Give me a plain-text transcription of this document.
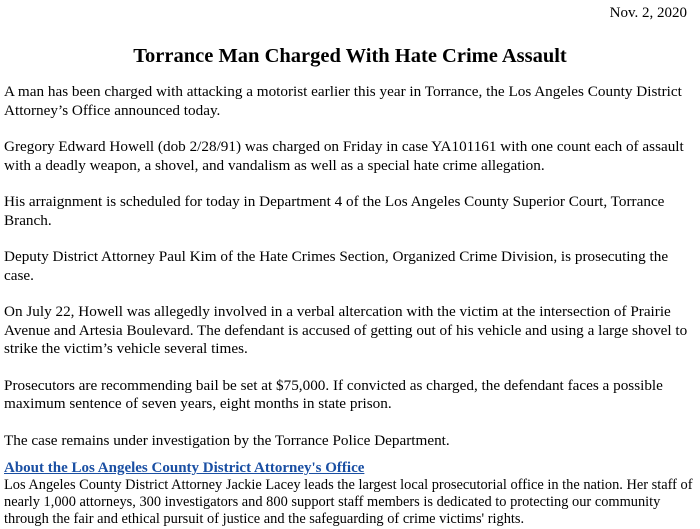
Nov. 2, 2020
Torrance Man Charged With Hate Crime Assault

A man has been charged with attacking a motorist earlier this year in Torrance, the Los Angeles County District Attorney’s Office announced today.

Gregory Edward Howell (dob 2/28/91) was charged on Friday in case YA101161 with one count each of assault with a deadly weapon, a shovel, and vandalism as well as a special hate crime allegation.

His arraignment is scheduled for today in Department 4 of the Los Angeles County Superior Court, Torrance Branch.

Deputy District Attorney Paul Kim of the Hate Crimes Section, Organized Crime Division, is prosecuting the case.

On July 22, Howell was allegedly involved in a verbal altercation with the victim at the intersection of Prairie Avenue and Artesia Boulevard. The defendant is accused of getting out of his vehicle and using a large shovel to strike the victim’s vehicle several times.

Prosecutors are recommending bail be set at $75,000. If convicted as charged, the defendant faces a possible maximum sentence of seven years, eight months in state prison.

The case remains under investigation by the Torrance Police Department.

About the Los Angeles County District Attorney's Office

Los Angeles County District Attorney Jackie Lacey leads the largest local prosecutorial office in the nation. Her staff of nearly 1,000 attorneys, 300 investigators and 800 support staff members is dedicated to protecting our community through the fair and ethical pursuit of justice and the safeguarding of crime victims' rights.
